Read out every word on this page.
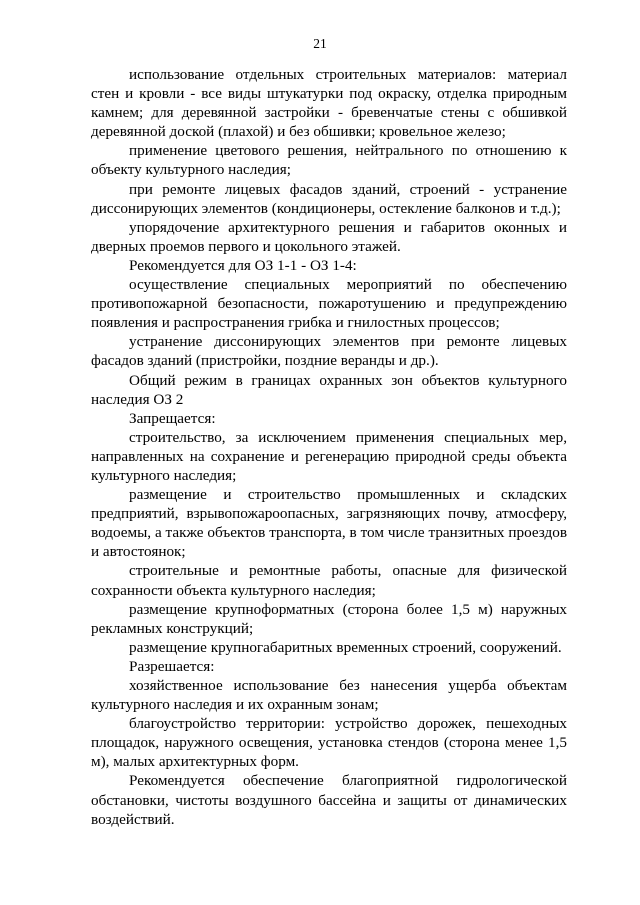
21

использование отдельных строительных материалов: материал стен и кровли - все виды штукатурки под окраску, отделка природным камнем; для деревянной застройки - бревенчатые стены с обшивкой деревянной доской (плахой) и без обшивки; кровельное железо;

применение цветового решения, нейтрального по отношению к объекту культурного наследия;

при ремонте лицевых фасадов зданий, строений - устранение диссонирующих элементов (кондиционеры, остекление балконов и т.д.);

упорядочение архитектурного решения и габаритов оконных и дверных проемов первого и цокольного этажей.

Рекомендуется для ОЗ 1-1 - ОЗ 1-4:

осуществление специальных мероприятий по обеспечению противопожарной безопасности, пожаротушению и предупреждению появления и распространения грибка и гнилостных процессов;

устранение диссонирующих элементов при ремонте лицевых фасадов зданий (пристройки, поздние веранды и др.).

Общий режим в границах охранных зон объектов культурного наследия ОЗ 2

Запрещается:

строительство, за исключением применения специальных мер, направленных на сохранение и регенерацию природной среды объекта культурного наследия;

размещение и строительство промышленных и складских предприятий, взрывопожароопасных, загрязняющих почву, атмосферу, водоемы, а также объектов транспорта, в том числе транзитных проездов и автостоянок;

строительные и ремонтные работы, опасные для физической сохранности объекта культурного наследия;

размещение крупноформатных (сторона более 1,5 м) наружных рекламных конструкций;

размещение крупногабаритных временных строений, сооружений.

Разрешается:

хозяйственное использование без нанесения ущерба объектам культурного наследия и их охранным зонам;

благоустройство территории: устройство дорожек, пешеходных площадок, наружного освещения, установка стендов (сторона менее 1,5 м), малых архитектурных форм.

Рекомендуется обеспечение благоприятной гидрологической обстановки, чистоты воздушного бассейна и защиты от динамических воздействий.
